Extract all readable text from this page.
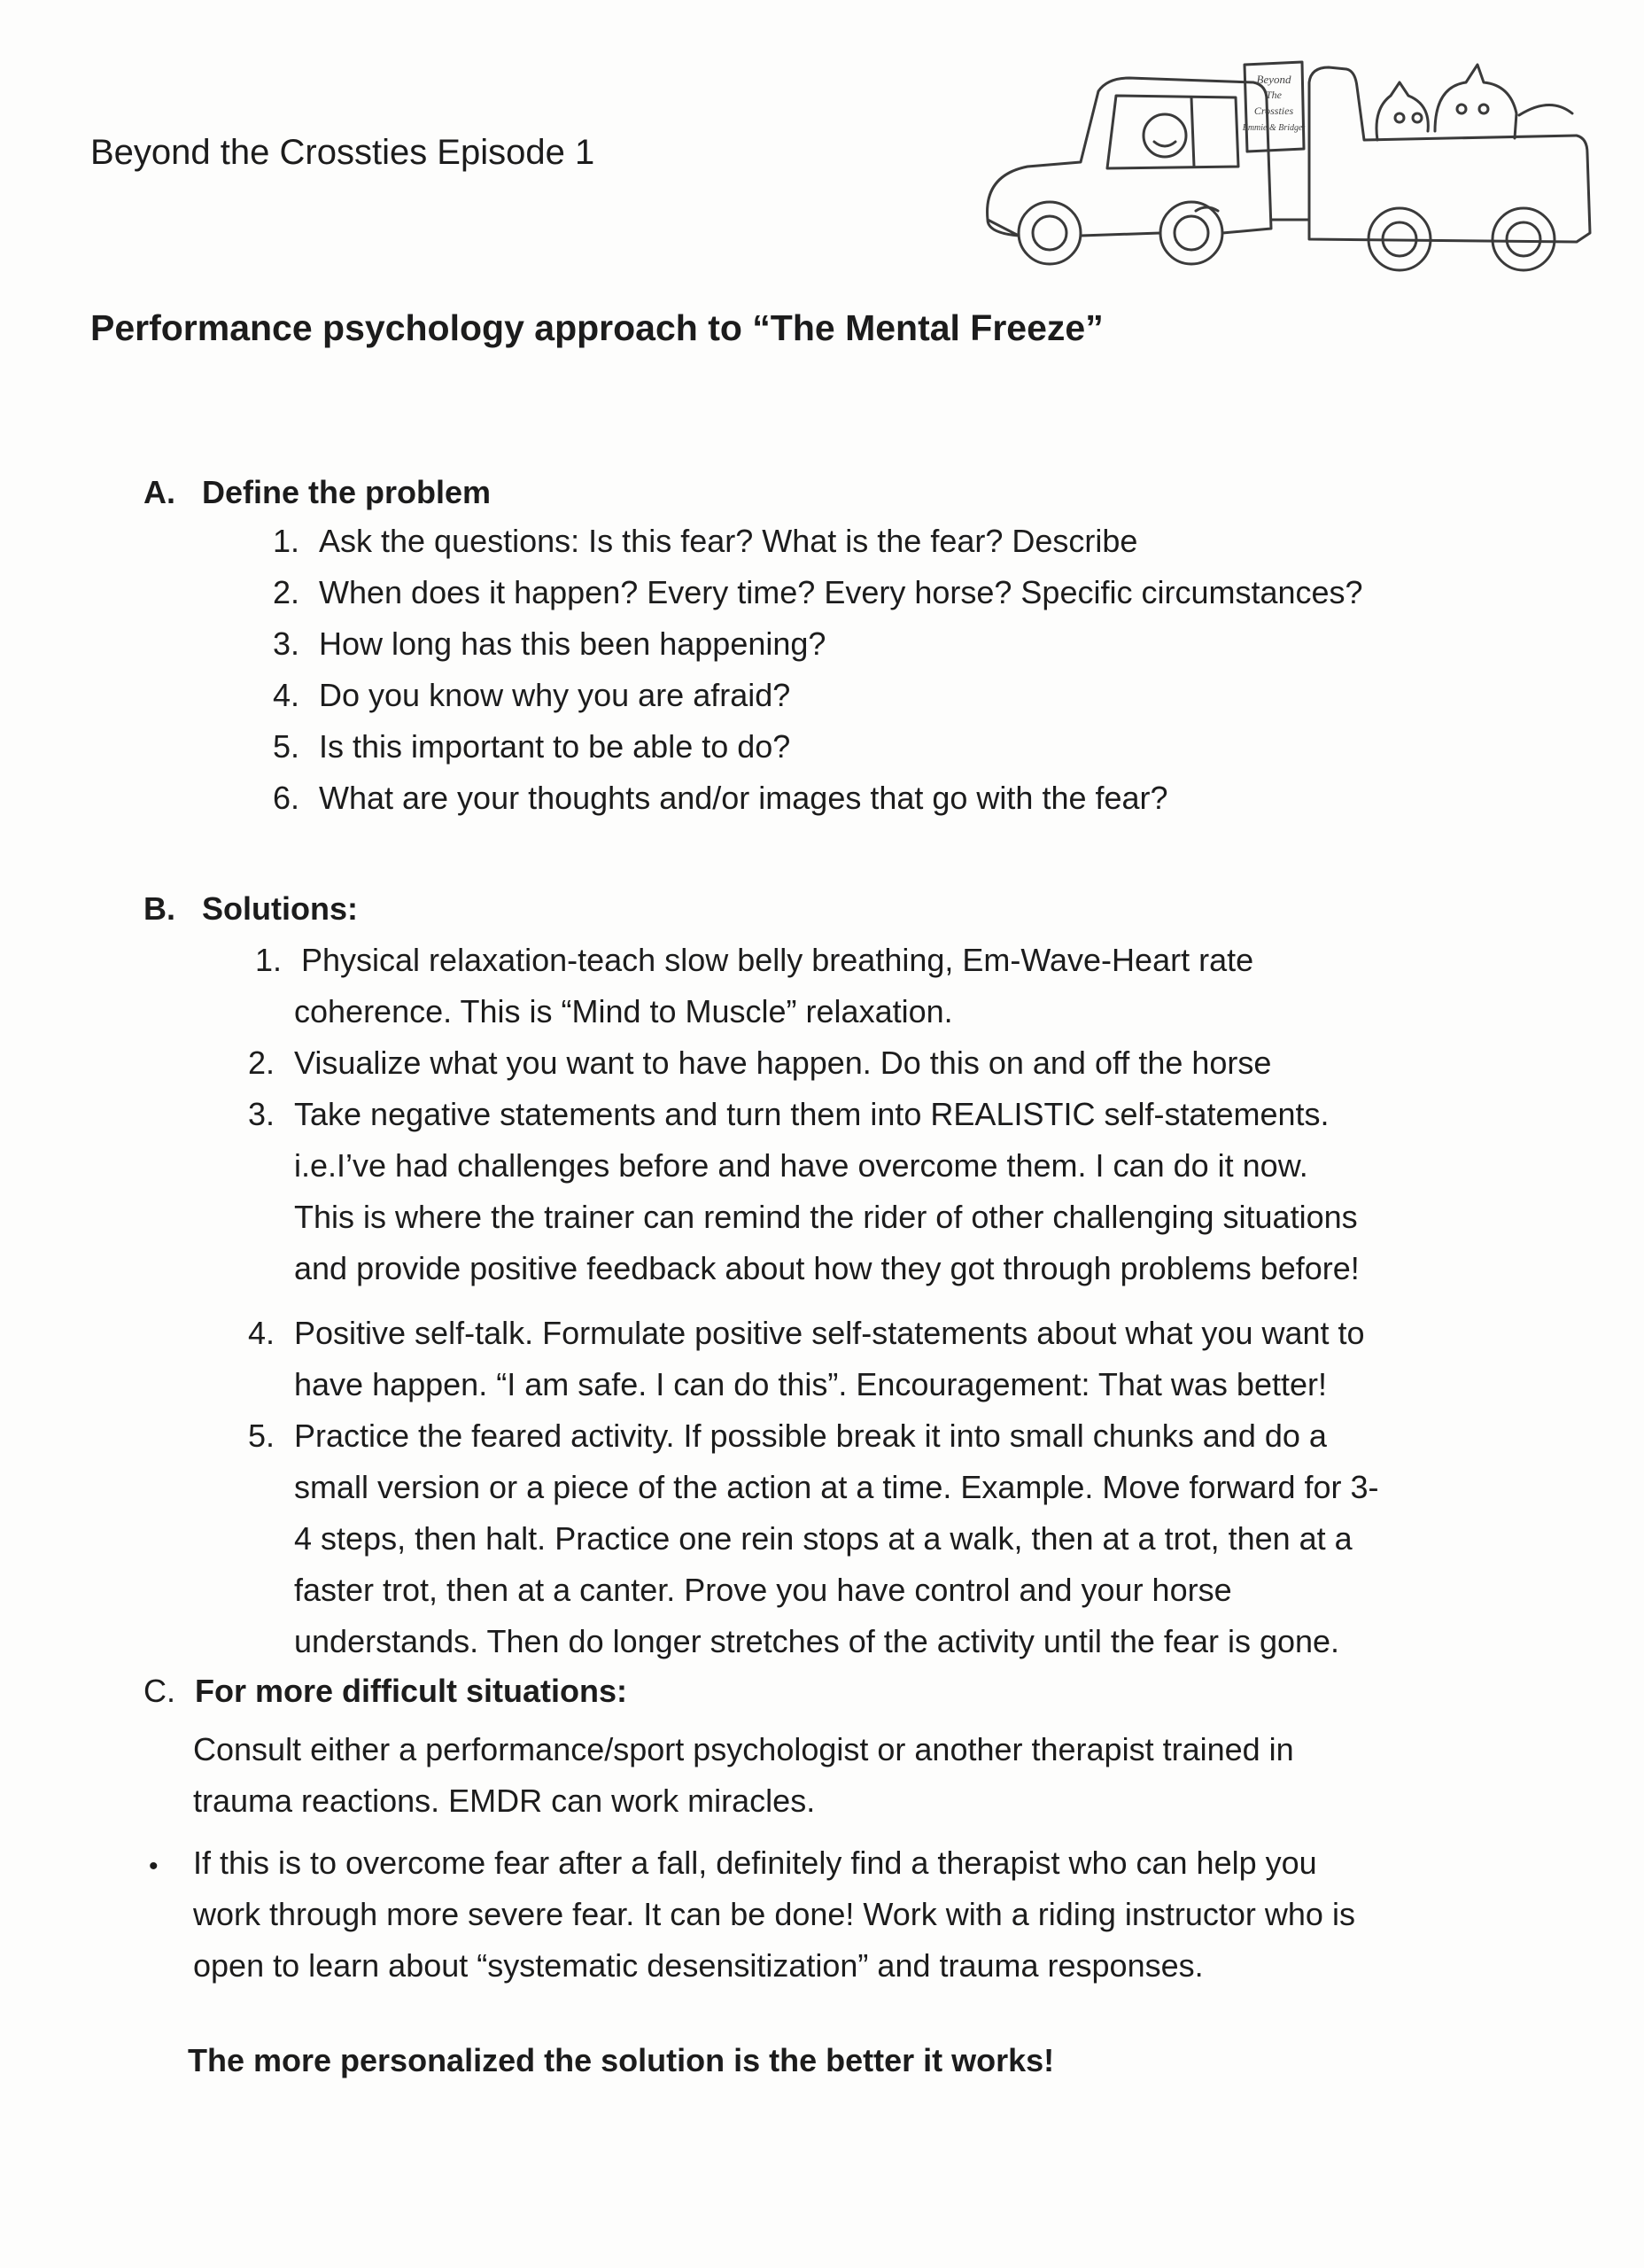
Beyond the Crossties Episode 1
Beyond
The
Crossties
Emmie & Bridget
Performance psychology approach to “The Mental Freeze”
A. Define the problem
1. Ask the questions: Is this fear? What is the fear? Describe
2. When does it happen? Every time? Every horse? Specific circumstances?
3. How long has this been happening?
4. Do you know why you are afraid?
5. Is this important to be able to do?
6. What are your thoughts and/or images that go with the fear?
B. Solutions:
1. Physical relaxation-teach slow belly breathing, Em-Wave-Heart rate
coherence. This is “Mind to Muscle” relaxation.
2. Visualize what you want to have happen. Do this on and off the horse
3. Take negative statements and turn them into REALISTIC self-statements.
i.e.I’ve had challenges before and have overcome them. I can do it now.
This is where the trainer can remind the rider of other challenging situations
and provide positive feedback about how they got through problems before!
4. Positive self-talk. Formulate positive self-statements about what you want to
have happen. “I am safe. I can do this”. Encouragement: That was better!
5. Practice the feared activity. If possible break it into small chunks and do a
small version or a piece of the action at a time. Example. Move forward for 3-
4 steps, then halt. Practice one rein stops at a walk, then at a trot, then at a
faster trot, then at a canter. Prove you have control and your horse
understands. Then do longer stretches of the activity until the fear is gone.
C. For more difficult situations:
Consult either a performance/sport psychologist or another therapist trained in
trauma reactions. EMDR can work miracles.
• If this is to overcome fear after a fall, definitely find a therapist who can help you
work through more severe fear. It can be done! Work with a riding instructor who is
open to learn about “systematic desensitization” and trauma responses.
The more personalized the solution is the better it works!
